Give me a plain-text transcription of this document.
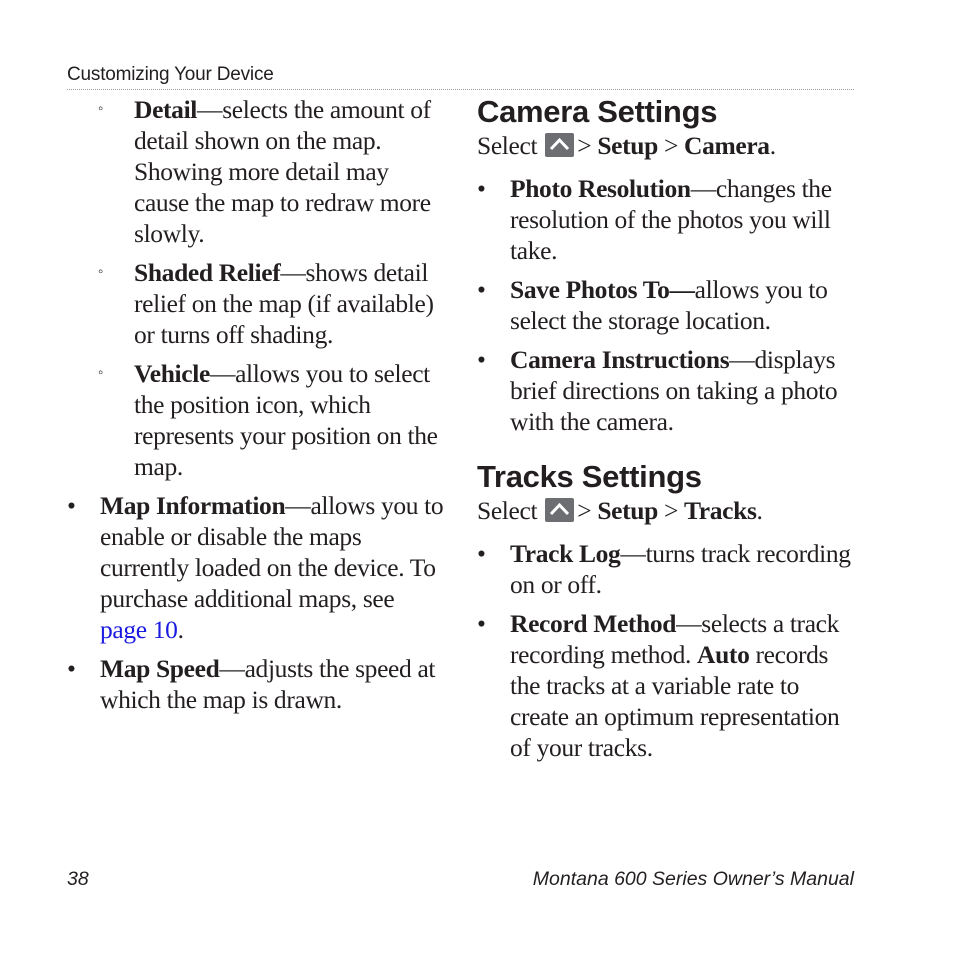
Customizing Your Device
◦ Detail—selects the amount of detail shown on the map. Showing more detail may cause the map to redraw more slowly.
◦ Shaded Relief—shows detail relief on the map (if available) or turns off shading.
◦ Vehicle—allows you to select the position icon, which represents your position on the map.
• Map Information—allows you to enable or disable the maps currently loaded on the device. To purchase additional maps, see page 10.
• Map Speed—adjusts the speed at which the map is drawn.
Camera Settings
Select > Setup > Camera.
• Photo Resolution—changes the resolution of the photos you will take.
• Save Photos To—allows you to select the storage location.
• Camera Instructions—displays brief directions on taking a photo with the camera.
Tracks Settings
Select > Setup > Tracks.
• Track Log—turns track recording on or off.
• Record Method—selects a track recording method. Auto records the tracks at a variable rate to create an optimum representation of your tracks.
38	Montana 600 Series Owner’s Manual
